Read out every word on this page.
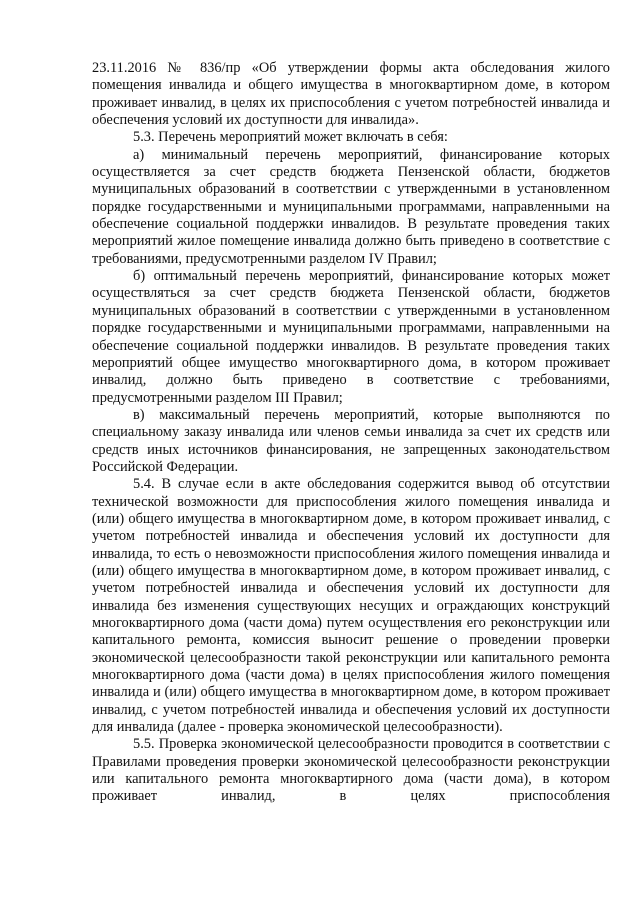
23.11.2016 № 836/пр «Об утверждении формы акта обследования жилого помещения инвалида и общего имущества в многоквартирном доме, в котором проживает инвалид, в целях их приспособления с учетом потребностей инвалида и обеспечения условий их доступности для инвалида».

5.3. Перечень мероприятий может включать в себя:

а) минимальный перечень мероприятий, финансирование которых осуществляется за счет средств бюджета Пензенской области, бюджетов муниципальных образований в соответствии с утвержденными в установленном порядке государственными и муниципальными программами, направленными на обеспечение социальной поддержки инвалидов. В результате проведения таких мероприятий жилое помещение инвалида должно быть приведено в соответствие с требованиями, предусмотренными разделом IV Правил;

б) оптимальный перечень мероприятий, финансирование которых может осуществляться за счет средств бюджета Пензенской области, бюджетов муниципальных образований в соответствии с утвержденными в установленном порядке государственными и муниципальными программами, направленными на обеспечение социальной поддержки инвалидов. В результате проведения таких мероприятий общее имущество многоквартирного дома, в котором проживает инвалид, должно быть приведено в соответствие с требованиями, предусмотренными разделом III Правил;

в) максимальный перечень мероприятий, которые выполняются по специальному заказу инвалида или членов семьи инвалида за счет их средств или средств иных источников финансирования, не запрещенных законодательством Российской Федерации.

5.4. В случае если в акте обследования содержится вывод об отсутствии технической возможности для приспособления жилого помещения инвалида и (или) общего имущества в многоквартирном доме, в котором проживает инвалид, с учетом потребностей инвалида и обеспечения условий их доступности для инвалида, то есть о невозможности приспособления жилого помещения инвалида и (или) общего имущества в многоквартирном доме, в котором проживает инвалид, с учетом потребностей инвалида и обеспечения условий их доступности для инвалида без изменения существующих несущих и ограждающих конструкций многоквартирного дома (части дома) путем осуществления его реконструкции или капитального ремонта, комиссия выносит решение о проведении проверки экономической целесообразности такой реконструкции или капитального ремонта многоквартирного дома (части дома) в целях приспособления жилого помещения инвалида и (или) общего имущества в многоквартирном доме, в котором проживает инвалид, с учетом потребностей инвалида и обеспечения условий их доступности для инвалида (далее - проверка экономической целесообразности).

5.5. Проверка экономической целесообразности проводится в соответствии с Правилами проведения проверки экономической целесообразности реконструкции или капитального ремонта многоквартирного дома (части дома), в котором проживает инвалид, в целях приспособления
